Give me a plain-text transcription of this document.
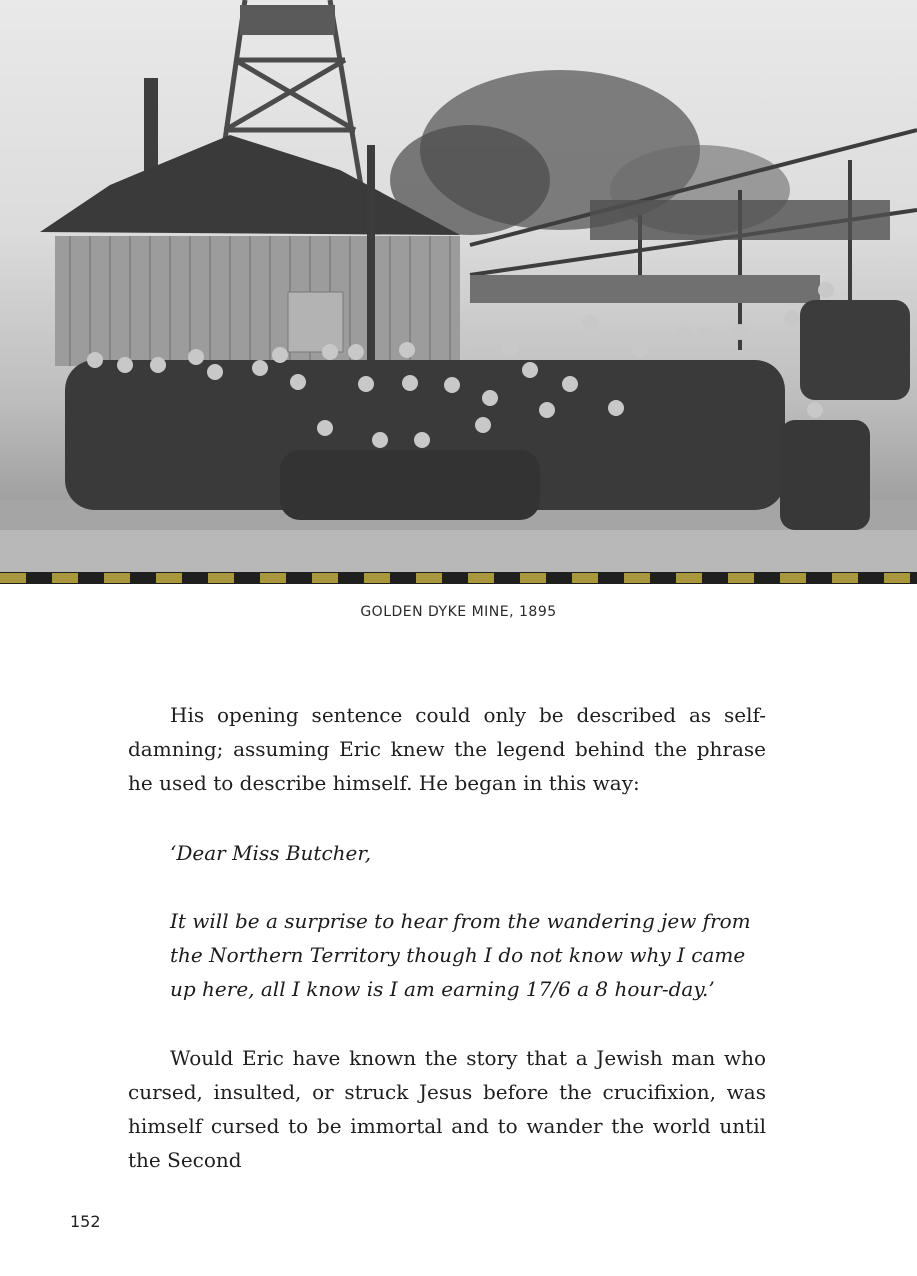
GOLDEN DYKE MINE, 1895

His opening sentence could only be described as self-damning; assuming Eric knew the legend behind the phrase he used to describe himself. He began in this way:

‘Dear Miss Butcher,

It will be a surprise to hear from the wandering jew from the Northern Territory though I do not know why I came up here, all I know is I am earning 17/6 a 8 hour-day.’

Would Eric have known the story that a Jewish man who cursed, insulted, or struck Jesus before the crucifixion, was himself cursed to be immortal and to wander the world until the Second

152
